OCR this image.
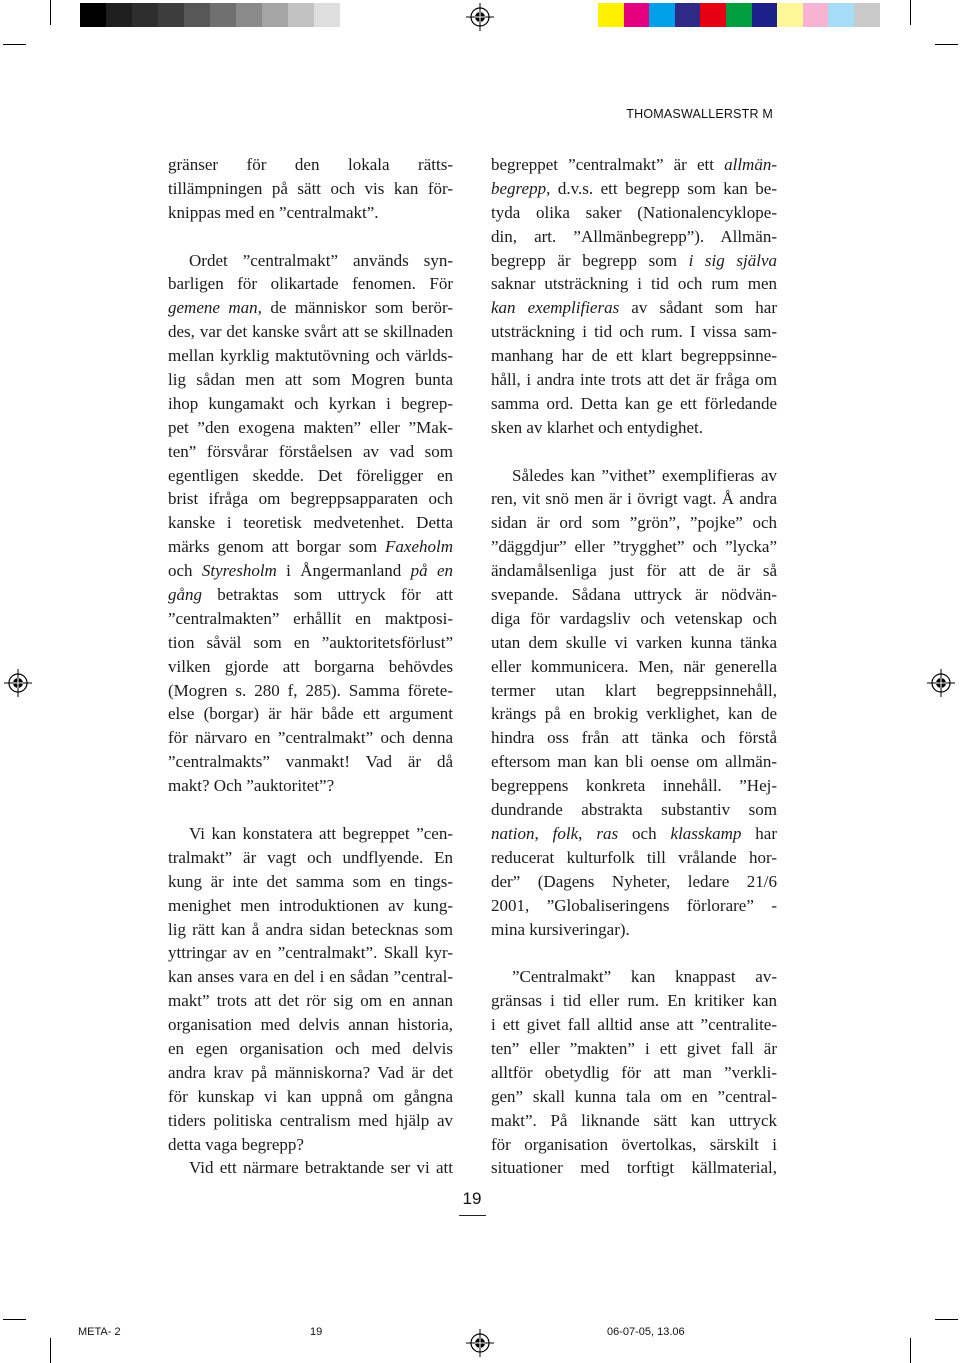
THOMASWALLERSTR M
gränser för den lokala rätts-
tillämpningen på sätt och vis kan för-
knippas med en ”centralmakt”.
Ordet ”centralmakt” används syn-
barligen för olikartade fenomen. För
gemene man, de människor som berör-
des, var det kanske svårt att se skillnaden
mellan kyrklig maktutövning och världs-
lig sådan men att som Mogren bunta
ihop kungamakt och kyrkan i begrep-
pet ”den exogena makten” eller ”Mak-
ten” försvårar förståelsen av vad som
egentligen skedde. Det föreligger en
brist ifråga om begreppsapparaten och
kanske i teoretisk medvetenhet. Detta
märks genom att borgar som Faxeholm
och Styresholm i Ångermanland på en
gång betraktas som uttryck för att
”centralmakten” erhållit en maktposi-
tion såväl som en ”auktoritetsförlust”
vilken gjorde att borgarna behövdes
(Mogren s. 280 f, 285). Samma förete-
else (borgar) är här både ett argument
för närvaro en ”centralmakt” och denna
”centralmakts” vanmakt! Vad är då
makt? Och ”auktoritet”?
Vi kan konstatera att begreppet ”cen-
tralmakt” är vagt och undflyende. En
kung är inte det samma som en tings-
menighet men introduktionen av kung-
lig rätt kan å andra sidan betecknas som
yttringar av en ”centralmakt”. Skall kyr-
kan anses vara en del i en sådan ”central-
makt” trots att det rör sig om en annan
organisation med delvis annan historia,
en egen organisation och med delvis
andra krav på människorna? Vad är det
för kunskap vi kan uppnå om gångna
tiders politiska centralism med hjälp av
detta vaga begrepp?
Vid ett närmare betraktande ser vi att
begreppet ”centralmakt” är ett allmän-
begrepp, d.v.s. ett begrepp som kan be-
tyda olika saker (Nationalencyklope-
din, art. ”Allmänbegrepp”). Allmän-
begrepp är begrepp som i sig själva
saknar utsträckning i tid och rum men
kan exemplifieras av sådant som har
utsträckning i tid och rum. I vissa sam-
manhang har de ett klart begreppsinne-
håll, i andra inte trots att det är fråga om
samma ord. Detta kan ge ett förledande
sken av klarhet och entydighet.
Således kan ”vithet” exemplifieras av
ren, vit snö men är i övrigt vagt. Å andra
sidan är ord som ”grön”, ”pojke” och
”däggdjur” eller ”trygghet” och ”lycka”
ändamålsenliga just för att de är så
svepande. Sådana uttryck är nödvän-
diga för vardagsliv och vetenskap och
utan dem skulle vi varken kunna tänka
eller kommunicera. Men, när generella
termer utan klart begreppsinnehåll,
krängs på en brokig verklighet, kan de
hindra oss från att tänka och förstå
eftersom man kan bli oense om allmän-
begreppens konkreta innehåll. ”Hej-
dundrande abstrakta substantiv som
nation, folk, ras och klasskamp har
reducerat kulturfolk till vrålande hor-
der” (Dagens Nyheter, ledare 21/6
2001, ”Globaliseringens förlorare” -
mina kursiveringar).
”Centralmakt” kan knappast av-
gränsas i tid eller rum. En kritiker kan
i ett givet fall alltid anse att ”centralite-
ten” eller ”makten” i ett givet fall är
alltför obetydlig för att man ”verkli-
gen” skall kunna tala om en ”central-
makt”. På liknande sätt kan uttryck
för organisation övertolkas, särskilt i
situationer med torftigt källmaterial,
19
META- 2	19	06-07-05, 13.06
